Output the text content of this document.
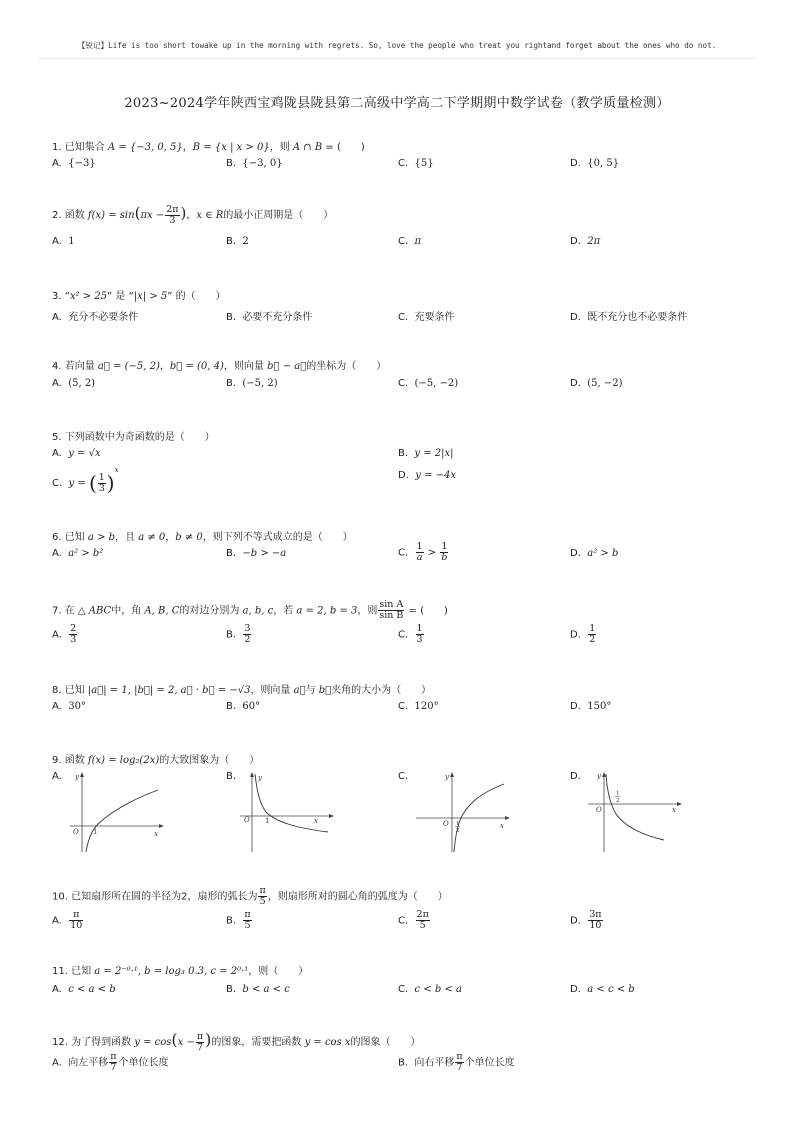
【锐记】Life is too short towake up in the morning with regrets. So, love the people who treat you rightand forget about the ones who do not.
2023~2024学年陕西宝鸡陇县陇县第二高级中学高二下学期期中数学试卷（教学质量检测）
1. 已知集合 A = {−3, 0, 5}，B = {x | x > 0}，则 A ∩ B = (　　)
A. {−3}	B. {−3, 0}	C. {5}	D. {0, 5}
2. 函数 $f(x) = \sin(\pi x - \frac{2\pi}{3}$ )，x ∈ R的最小正周期是（　　）
A. 1	B. 2	C. π	D. 2π
3. “x² > 25” 是 “|x| > 5” 的（　　）
A. 充分不必要条件	B. 必要不充分条件	C. 充要条件	D. 既不充分也不必要条件
4. 若向量 a⃗ = (−5, 2)，b⃗ = (0, 4)，则向量 b⃗ − a⃗的坐标为（　　）
A. (5, 2)	B. (−5, 2)	C. (−5, −2)	D. (5, −2)
5. 下列函数中为奇函数的是（　　）
A. y = √x	B. y = 2|x|
C. y = ( $\frac{1}{3} )^x$	D. y = −4x
6. 已知 a > b，且 a ≠ 0，b ≠ 0，则下列不等式成立的是（　　）
A. a² > b²	B. −b > −a	C. $\frac{1}{a} > \frac{1}{b}$	D. a² > b
7. 在 △ ABC中，角 A, B, C的对边分别为 a, b, c，若 a = 2, b = 3，则 $\frac{\text{sin A}}{\text{sin B}}$ = (　　)
A. $\frac{2}{3}$	B. $\frac{3}{2}$	C. $\frac{1}{3}$	D. $\frac{1}{2}$
8. 已知 |a⃗| = 1, |b⃗| = 2, a⃗ · b⃗ = −√3，则向量 a⃗与 b⃗夹角的大小为（　　）
A. 30°	B. 60°	C. 120°	D. 150°
9. 函数 f(x) = log₂(2x)的大致图象为（　　）
A.	B.	C.	D.
y
x
O 1
y
x
O 1
y
x
O 1
2
y
x
O
1
2
10. 已知扇形所在圆的半径为2，扇形的弧长为 $\frac{\pi}{5}$ ，则扇形所对的圆心角的弧度为（　　）
A. $\frac{\pi}{10}$	B. $\frac{\pi}{5}$	C. $\frac{2\pi}{5}$	D. $\frac{3\pi}{10}$
11. 已知 a = 2⁻⁰·¹, b = log₃ 0.3, c = 2⁰·¹，则（　　）
A. c < a < b	B. b < a < c	C. c < b < a	D. a < c < b
12. 为了得到函数 $y = \cos(x - \frac{\pi}{7}$ )的图象，需要把函数 y = cos x的图象（　　）
A. 向左平移 $\frac{\pi}{7}$ 个单位长度	B. 向右平移 $\frac{\pi}{7}$ 个单位长度
